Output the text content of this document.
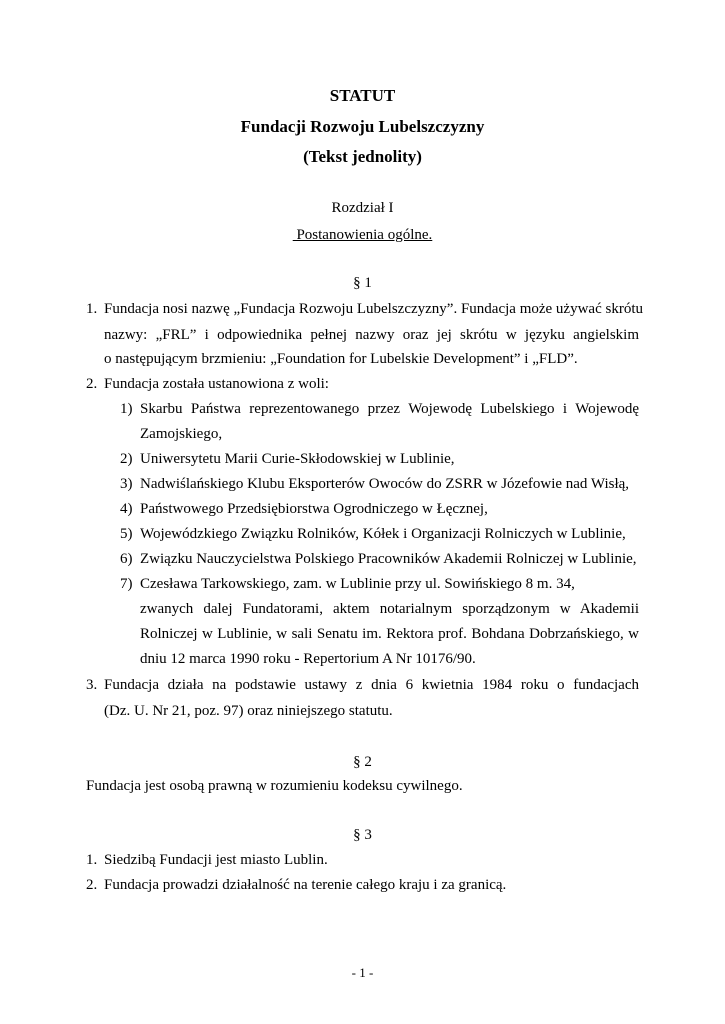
STATUT
Fundacji Rozwoju Lubelszczyzny
(Tekst jednolity)
Rozdział I
Postanowienia ogólne.
§ 1
1. Fundacja nosi nazwę „Fundacja Rozwoju Lubelszczyzny”. Fundacja może używać skrótu
nazwy: „FRL” i odpowiednika pełnej nazwy oraz jej skrótu w języku angielskim
o następującym brzmieniu: „Foundation for Lubelskie Development” i „FLD”.
2. Fundacja została ustanowiona z woli:
1) Skarbu Państwa reprezentowanego przez Wojewodę Lubelskiego i Wojewodę
Zamojskiego,
2) Uniwersytetu Marii Curie-Skłodowskiej w Lublinie,
3) Nadwiślańskiego Klubu Eksporterów Owoców do ZSRR w Józefowie nad Wisłą,
4) Państwowego Przedsiębiorstwa Ogrodniczego w Łęcznej,
5) Wojewódzkiego Związku Rolników, Kółek i Organizacji Rolniczych w Lublinie,
6) Związku Nauczycielstwa Polskiego Pracowników Akademii Rolniczej w Lublinie,
7) Czesława Tarkowskiego, zam. w Lublinie przy ul. Sowińskiego 8 m. 34,
zwanych dalej Fundatorami, aktem notarialnym sporządzonym w Akademii
Rolniczej w Lublinie, w sali Senatu im. Rektora prof. Bohdana Dobrzańskiego, w
dniu 12 marca 1990 roku - Repertorium A Nr 10176/90.
3. Fundacja działa na podstawie ustawy z dnia 6 kwietnia 1984 roku o fundacjach
(Dz. U. Nr 21, poz. 97) oraz niniejszego statutu.
§ 2
Fundacja jest osobą prawną w rozumieniu kodeksu cywilnego.
§ 3
1. Siedzibą Fundacji jest miasto Lublin.
2. Fundacja prowadzi działalność na terenie całego kraju i za granicą.
- 1 -
